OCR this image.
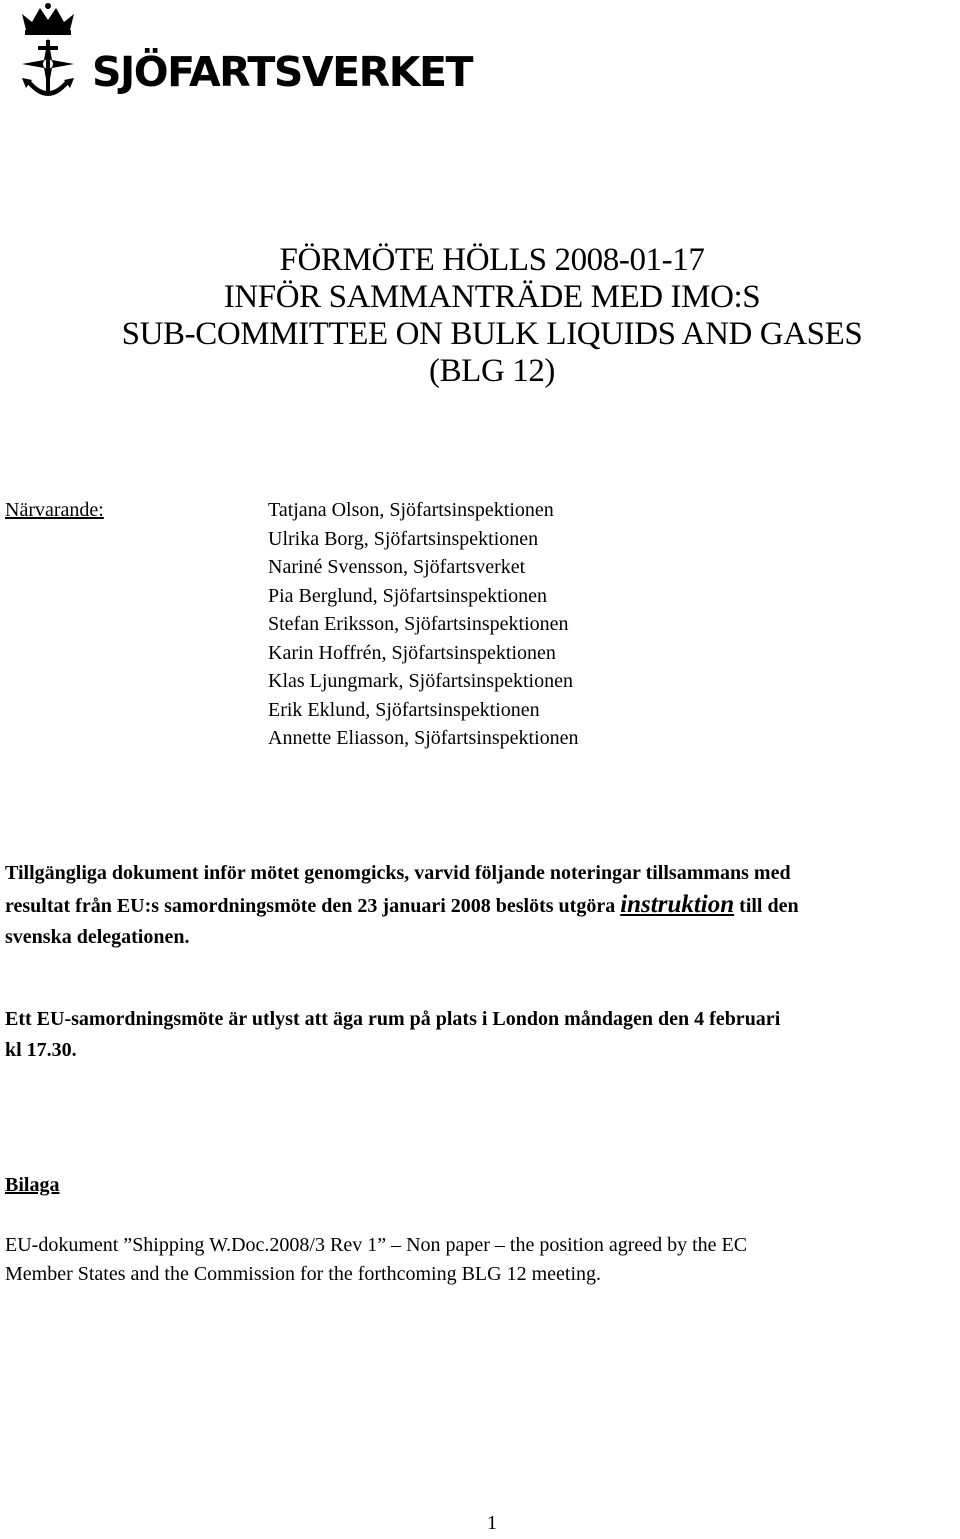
SJÖFARTSVERKET
FÖRMÖTE HÖLLS 2008-01-17
INFÖR SAMMANTRÄDE MED IMO:S
SUB-COMMITTEE ON BULK LIQUIDS AND GASES
(BLG 12)
Närvarande:	Tatjana Olson, Sjöfartsinspektionen
Ulrika Borg, Sjöfartsinspektionen
Nariné Svensson, Sjöfartsverket
Pia Berglund, Sjöfartsinspektionen
Stefan Eriksson, Sjöfartsinspektionen
Karin Hoffrén, Sjöfartsinspektionen
Klas Ljungmark, Sjöfartsinspektionen
Erik Eklund, Sjöfartsinspektionen
Annette Eliasson, Sjöfartsinspektionen
Tillgängliga dokument inför mötet genomgicks, varvid följande noteringar tillsammans med
resultat från EU:s samordningsmöte den 23 januari 2008 beslöts utgöra instruktion till den
svenska delegationen.
Ett EU-samordningsmöte är utlyst att äga rum på plats i London måndagen den 4 februari
kl 17.30.
Bilaga
EU-dokument ”Shipping W.Doc.2008/3 Rev 1” – Non paper – the position agreed by the EC
Member States and the Commission for the forthcoming BLG 12 meeting.
1
